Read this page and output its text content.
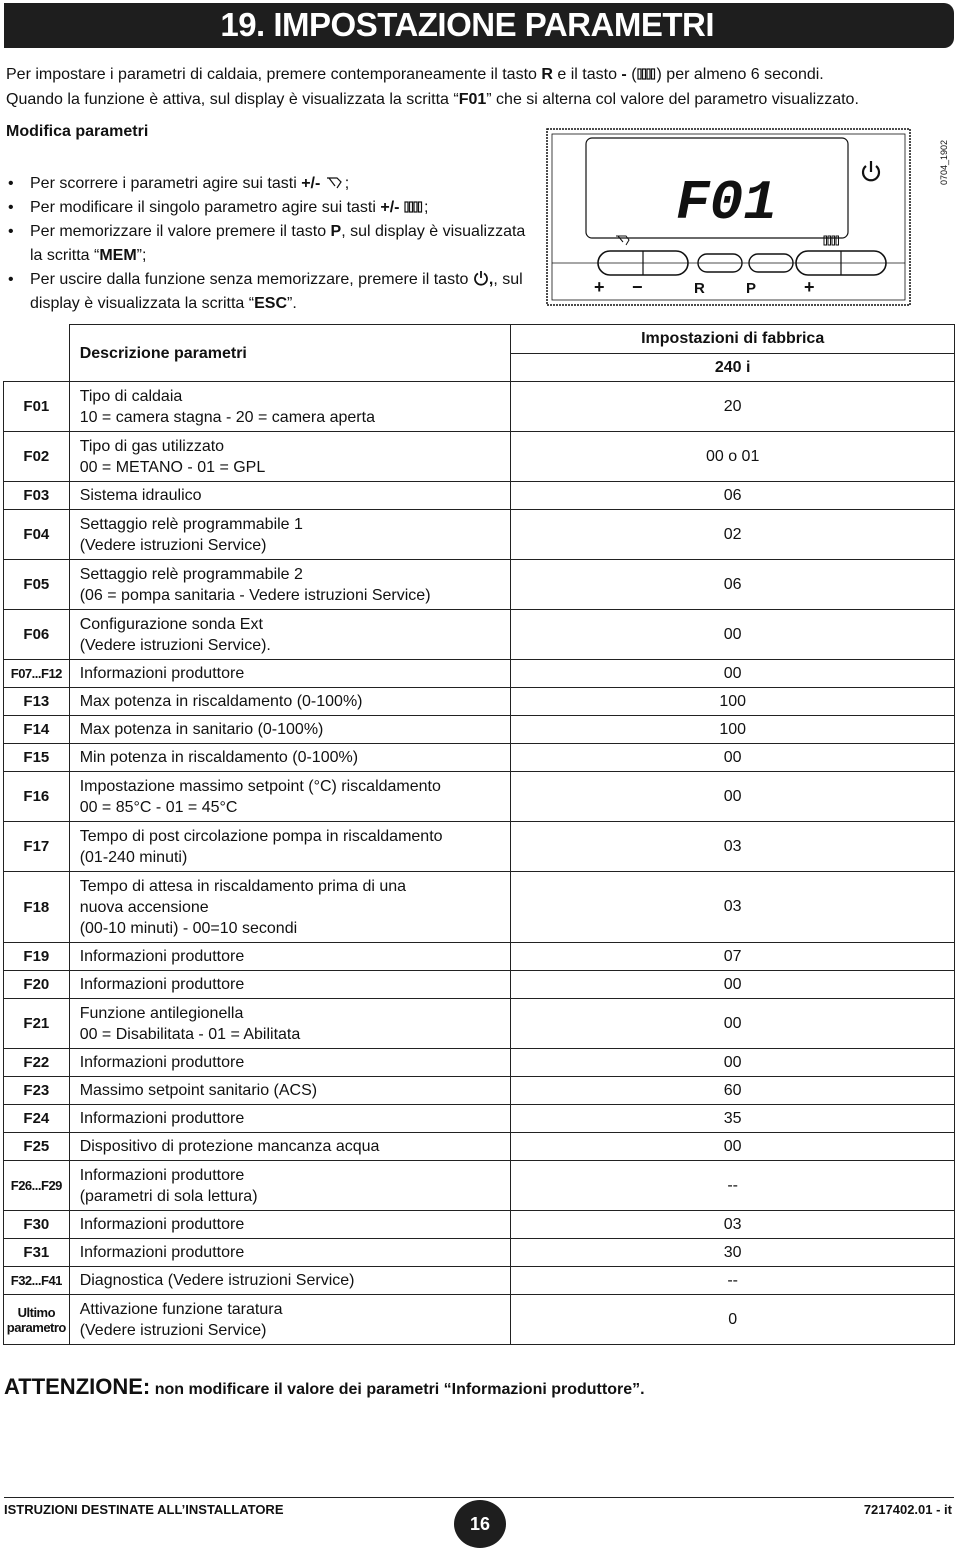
19. IMPOSTAZIONE PARAMETRI
Per impostare i parametri di caldaia, premere contemporaneamente il tasto R e il tasto - ( ) per almeno 6 secondi.
Quando la funzione è attiva, sul display è visualizzata la scritta “F01” che si alterna col valore del parametro visualizzato.
Modifica parametri
• Per scorrere i parametri agire sui tasti +/- ;
• Per modificare il singolo parametro agire sui tasti +/- ;
• Per memorizzare il valore premere il tasto P, sul display è visualizzata la scritta “MEM”;
• Per uscire dalla funzione senza memorizzare, premere il tasto ,, sul display è visualizzata la scritta “ESC”.
F01
+ −	R	P	+
0704_1902
	Descrizione parametri	Impostazioni di fabbrica
240 i

F01	Tipo di caldaia
10 = camera stagna - 20 = camera aperta	20
F02	Tipo di gas utilizzato
00 = METANO - 01 = GPL	00 o 01
F03	Sistema idraulico	06
F04	Settaggio relè programmabile 1
(Vedere istruzioni Service)	02
F05	Settaggio relè programmabile 2
(06 = pompa sanitaria - Vedere istruzioni Service)	06
F06	Configurazione sonda Ext
(Vedere istruzioni Service).	00
F07...F12	Informazioni produttore	00
F13	Max potenza in riscaldamento (0-100%)	100
F14	Max potenza in sanitario (0-100%)	100
F15	Min potenza in riscaldamento (0-100%)	00
F16	Impostazione massimo setpoint (°C) riscaldamento
00 = 85°C - 01 = 45°C	00
F17	Tempo di post circolazione pompa in riscaldamento
(01-240 minuti)	03
F18	Tempo di attesa in riscaldamento prima di una
nuova accensione
(00-10 minuti) - 00=10 secondi	03
F19	Informazioni produttore	07
F20	Informazioni produttore	00
F21	Funzione antilegionella
00 = Disabilitata - 01 = Abilitata	00
F22	Informazioni produttore	00
F23	Massimo setpoint sanitario (ACS)	60
F24	Informazioni produttore	35
F25	Dispositivo di protezione mancanza acqua	00
F26...F29	Informazioni produttore
(parametri di sola lettura)	--
F30	Informazioni produttore	03
F31	Informazioni produttore	30
F32...F41	Diagnostica (Vedere istruzioni Service)	--
Ultimo parametro	Attivazione funzione taratura
(Vedere istruzioni Service)	0
ATTENZIONE: non modificare il valore dei parametri “Informazioni produttore”.
ISTRUZIONI DESTINATE ALL’INSTALLATORE
16
7217402.01 - it
